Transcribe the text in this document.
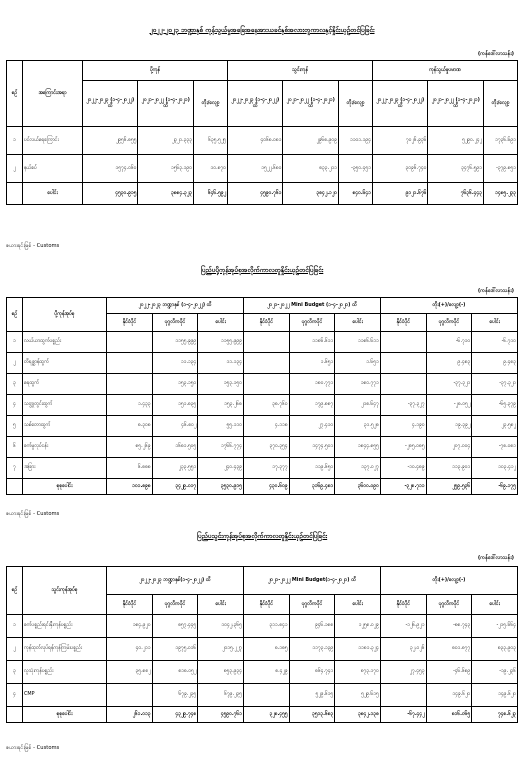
၂၀၂၂-၂၀၂၃ ဘဏ္ဍာနှစ် ကုန်သွယ်မှုအခြေအနေအားယခင်နှစ်အလားတူကာလနှင့်နှိုင်းယှဉ်တင်ပြခြင်း
(ကန်ဒေါ်လာသန်း)
စဉ်	အကြောင်းအရာ	ပို့ကုန်			သွင်းကုန်			ကုန်သွယ်မှုပမာဏ		
		၂၀၂၂-၂၀၂၃ (၁-၄-၂၀၂၂) ထိ	၂၀၂၁-၂၀၂၂ (၁-၄-၂၀၂၁) ထိ	တိုး/လျော့	၂၀၂၂-၂၀၂၃ (၁-၄-၂၀၂၂) ထိ	၂၀၂၁-၂၀၂၂ (၁-၄-၂၀၂၁) ထိ	တိုး/လျော့	၂၀၂၂-၂၀၂၃ (၁-၄-၂၀၂၂) ထိ	၂၀၂၁-၂၀၂၂ (၁-၄-၂၀၂၁) ထိ	တိုး/လျော့
၁	ပင်လယ်ရေကြောင်း	၂၉၅၆.၈၅၅	၂၃၂၁.၃၃၃	၆၃၅.၅၂၅	၄၀၆၈.၀၈၁	၂၉၆၈.၉၀၉	၁၁၀၁.၁၉၄	၇၀၂၆.၉၃၆	၅၂၉၀.၂၄၂	၁၇၃၆.၆၉၁
၂	နယ်စပ်	၁၅၇၄.၀၆၀	၁၅၆၃.၁၉၀	၁၀.၈၇၀	၁၅၂၂.၆၈၀	၈၃၃.၂၁၁	-၃၅၀.၄၅၁	၃၀၉၆.၇၄၀	၃၄၇၆.၅၉၁	-၃၇၉.၈၅၁
	ပေါင်း	၄၅၃၀.၉၁၅	၃၈၈၄.၃၂၃	၆၄၆.၅၉၂	၄၅၉၀.၇၆၁	၃၈၄၂.၁၂၀	၈၄၀.၆၄၁	၉၁၂၁.၆၇၆	၇၆၃၆.၄၄၃	၁၄၈၅.၂၃၃
ဇယားရင်းမြစ် - Customs
ပြည်ပပို့ကုန်အုပ်စုအလိုက်ကာလတူနှိုင်းယှဉ်တင်ပြခြင်း
(ကန်ဒေါ်လာသန်း)
စဉ်	ပို့ကုန်အုပ်စု	၂၀၂၂-၂၀၂၃ ဘဏ္ဍာနှစ် (၁-၄-၂၀၂၂) ထိ			၂၀၂၁-၂၀၂၂ Mini Budget (၁-၄-၂၀၂၁) ထိ			တိုး(+)/လျော့(-)		
		နိုင်ငံပိုင်	ပုဂ္ဂလိကပိုင်	ပေါင်း	နိုင်ငံပိုင်	ပုဂ္ဂလိကပိုင်	ပေါင်း	နိုင်ငံပိုင်	ပုဂ္ဂလိကပိုင်	ပေါင်း
၁	လယ်ယာထွက်ပစ္စည်း		၁၁၅၅.၉၉၉	၁၁၅၅.၉၉၉		၁၁၈၆.၆၁၁	၁၁၈၆.၆၁၁		-၆.၇၁၀	-၆.၇၁၀
၂	တိရစ္ဆာန်ထွက်		၁၁.၁၃၄	၁၁.၁၃၄		၁.၆၅၁	၁.၆၅၁		၉.၄၈၃	၉.၄၈၃
၃	ရေထွက်		၁၅၃.၁၅၀	၁၅၃.၁၅၀		၁၈၀.၇၇၁	၁၈၀.၇၇၁		-၃၇.၃၂၁	-၃၇.၃၂၁
၄	သတ္တုတွင်းထွက်	၁.၄၃၃	၁၅၁.၈၃၅	၁၅၃.၂၆၈	၃၈.၇၆၀	၁၇၉.၈၈၇	၂၁၈.၆၄၇	-၃၇.၃၂၇	-၂၈.၀၅၂	-၆၅.၃၇၉
၅	သစ်တောထွက်	၈.၃၀၈	၄၆.၈၀၂	၅၅.၁၁၀	၄.၁၁၈	၂၇.၄၁၀	၃၁.၅၂၈	၄.၁၉၀	၁၉.၃၉၂	၂၃.၅၈၂
၆	စက်မှုလုပ်ငန်း	၈၅.၂၆၉	၁၆၈၁.၅၀၅	၁၇၆၆.၇၇၄	၃၇၀.၃၅၄	၁၄၇၄.၅၀၁	၁၈၄၄.၈၅၅	-၂၈၅.၀၈၅	၂၀၇.၀၀၄	-၇၈.၀၈၁
၇	အခြား	၆.၈၈၈	၂၃၃.၅၅၁	၂၄၀.၄၃၉	၁၇.၃၇၇	၁၁၉.၆၅၀	၁၃၇.၀၂၇	-၁၀.၄၈၉	၁၁၃.၉၀၁	၁၀၃.၄၁၂
	စုစုပေါင်း	၁၀၁.၈၉၈	၃၄၂၉.၀၁၇	၃၅၃၀.၉၁၅	၄၃၀.၆၀၉	၃၁၆၉.၄၈၁	၃၆၀၀.၀၉၀	-၃၂၈.၇၁၁	၂၅၉.၅၃၆	-၆၉.၁၇၅
ဇယားရင်းမြစ် - Customs
ပြည်ပသွင်းကုန်အုပ်စုအလိုက်ကာလတူနှိုင်းယှဉ်တင်ပြခြင်း
(ကန်ဒေါ်လာသန်း)
စဉ်	သွင်းကုန်အုပ်စု	၂၀၂၂-၂၀၂၃ ဘဏ္ဍာနှစ်(၁-၄-၂၀၂၂) ထိ			၂၀၂၁-၂၀၂၂ Mini Budget(၁-၄-၂၀၂၁) ထိ			တိုး(+)/လျော့(-)		
		နိုင်ငံပိုင်	ပုဂ္ဂလိကပိုင်	ပေါင်း	နိုင်ငံပိုင်	ပုဂ္ဂလိကပိုင်	ပေါင်း	နိုင်ငံပိုင်	ပုဂ္ဂလိကပိုင်	ပေါင်း
၁	စက်ပစ္စည်းရင်းနှီးကုန်ပစ္စည်း	၁၈၄.၉၂၀	၈၅၇.၄၄၅	၁၀၄၂.၃၆၅	၃၁၁.၈၄၁	၉၄၆.၁၈၈	၁၂၅၈.၀၂၉	-၁၂၆.၉၂၁	-၈၈.၇၄၃	-၂၁၅.၆၆၄
၂	ကုန်ထုတ်လုပ်ရန်ကုန်ကြမ်းပစ္စည်း	၄၀.၂၁၁	၁၉၇၅.၀၁၆	၂၀၁၅.၂၂၇	၈.၁၈၅	၁၁၇၃.၁၃၉	၁၁၈၁.၃၂၄	၃၂.၀၂၆	၈၀၁.၈၇၇	၈၃၃.၉၀၃
၃	လူသုံးကုန်ပစ္စည်း	၃၅.၈၈၂	၈၁၈.၀၅၂	၈၅၃.၉၃၄	၈.၄၂၉	၈၆၄.၇၄၁	၈၇၃.၁၇၀	၂၇.၄၅၃	-၄၆.၆၈၉	-၁၉.၂၃၆
၄	CMP		၆၇၉.၂၃၅	၆၇၉.၂၃၅		၅၂၉.၆၁၅	၅၂၉.၆၁၅		၁၄၉.၆၂၀	၁၄၉.၆၂၀
	စုစုပေါင်း	၂၆၁.၀၁၃	၄၃၂၉.၇၄၈	၄၅၉၀.၇၆၁	၃၂၈.၄၅၅	၃၅၁၃.၆၈၃	၃၈၄၂.၁၃၈	-၆၇.၄၄၂	၈၁၆.၀၆၅	၇၄၈.၆၂၃
ဇယားရင်းမြစ် - Customs
